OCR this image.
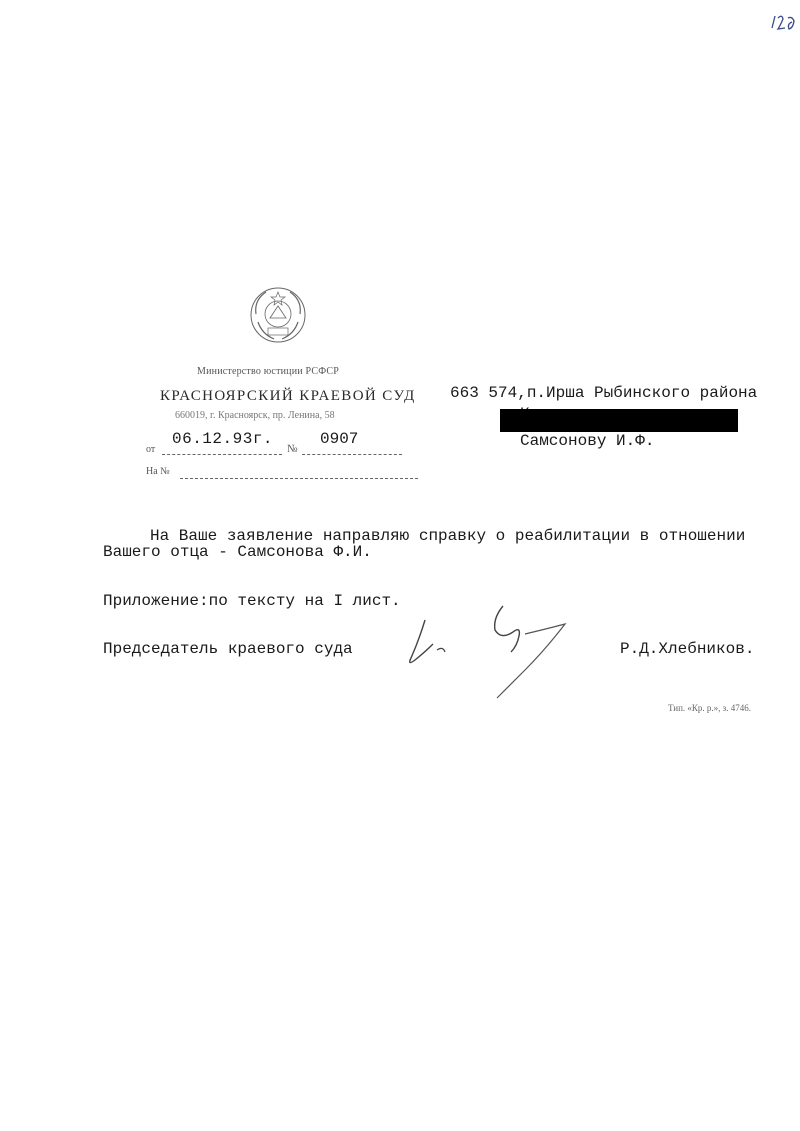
Министерство юстиции РСФСР
КРАСНОЯРСКИЙ КРАЕВОЙ СУД
660019, г. Красноярск, пр. Ленина, 58
от
06.12.93г.
№
0907
На №
663 574,п.Ирша Рыбинского района
Самсонову И.Ф.
На Ваше заявление направляю справку о реабилитации в отношении
Вашего отца - Самсонова Ф.И.
Приложение:по тексту на I лист.
Председатель краевого суда	Р.Д.Хлебников.
Тип. «Кр. р.», з. 4746.
